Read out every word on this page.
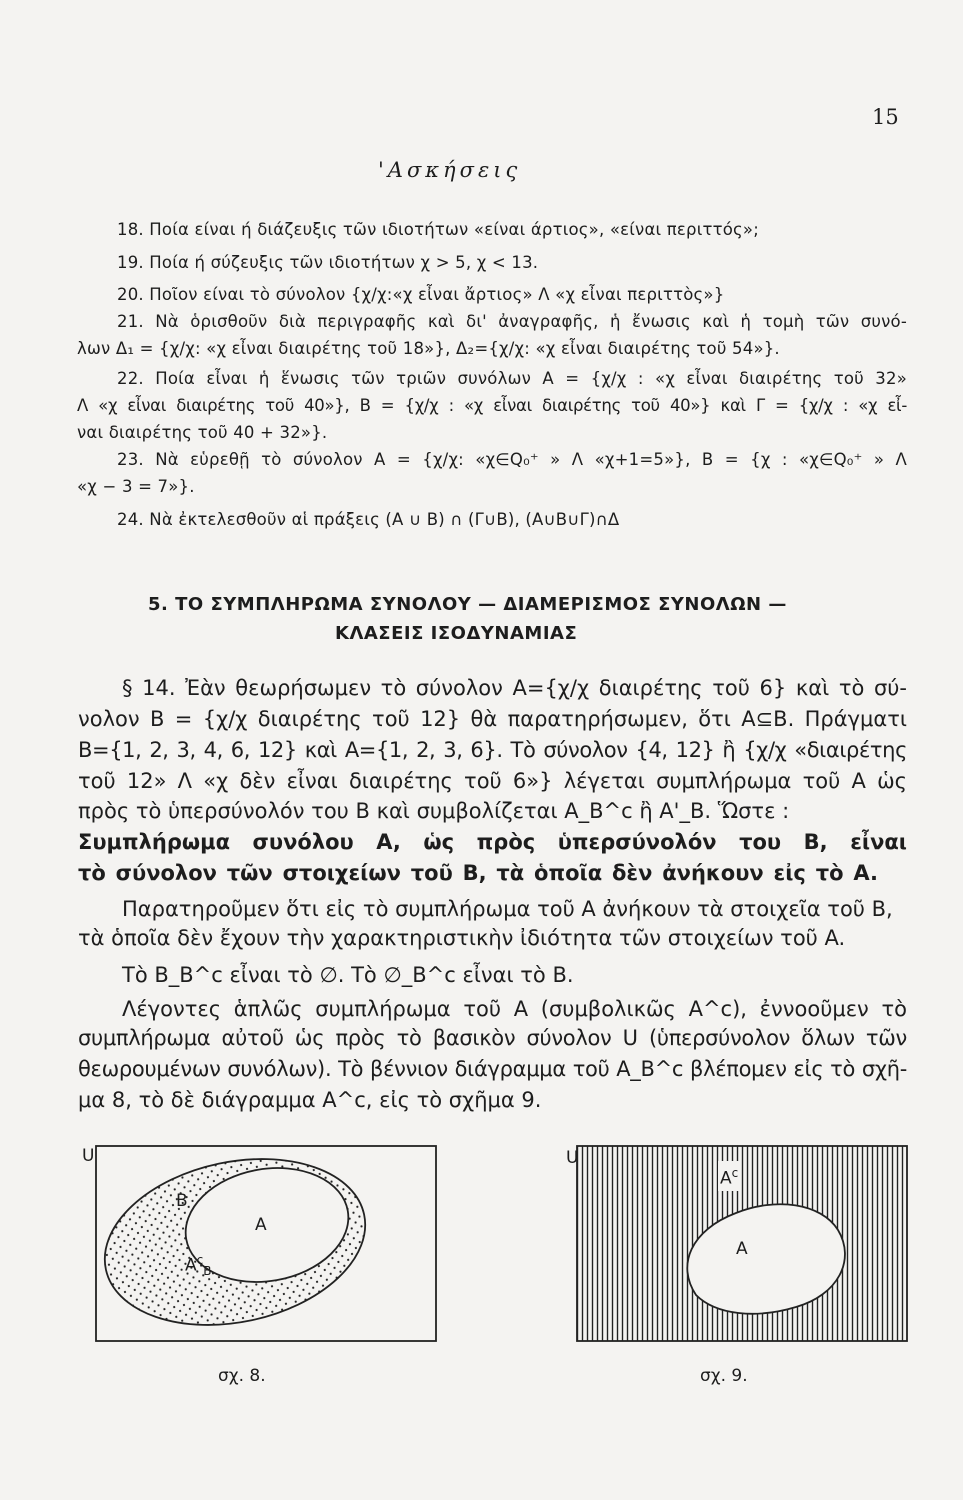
15
'Ασκήσεις
18. Ποία είναι ή διάζευξις τῶν ιδιοτήτων «είναι άρτιος», «είναι περιττός»;
19. Ποία ή σύζευξις τῶν ιδιοτήτων χ > 5, χ < 13.
20. Ποῖον είναι τὸ σύνολον {χ/χ:«χ εἶναι ἄρτιος» Λ «χ εἶναι περιττὸς»}
21. Νὰ ὁρισθοῦν διὰ περιγραφῆς καὶ δι' ἀναγραφῆς, ἡ ἔνωσις καὶ ἡ τομὴ τῶν συνό-
λων Δ₁ = {χ/χ: «χ εἶναι διαιρέτης τοῦ 18»}, Δ₂={χ/χ: «χ εἶναι διαιρέτης τοῦ 54»}.
22. Ποία εἶναι ἡ ἕνωσις τῶν τριῶν συνόλων A = {χ/χ : «χ εἶναι διαιρέτης τοῦ 32»
Λ «χ εἶναι διαιρέτης τοῦ 40»}, B = {χ/χ : «χ εἶναι διαιρέτης τοῦ 40»} καὶ Γ = {χ/χ : «χ εἶ-
ναι διαιρέτης τοῦ 40 + 32»}.
23. Νὰ εὑρεθῇ τὸ σύνολον A = {χ/χ: «χ∈Q₀⁺ » Λ «χ+1=5»}, B = {χ : «χ∈Q₀⁺ » Λ
«χ − 3 = 7»}.
24. Νὰ ἐκτελεσθοῦν αἱ πράξεις (A ∪ B) ∩ (Γ∪B), (A∪B∪Γ)∩Δ
5. ΤΟ ΣΥΜΠΛΗΡΩΜΑ ΣΥΝΟΛΟΥ — ΔΙΑΜΕΡΙΣΜΟΣ ΣΥΝΟΛΩΝ —
ΚΛΑΣΕΙΣ ΙΣΟΔΥΝΑΜΙΑΣ
§ 14. Ἐὰν θεωρήσωμεν τὸ σύνολον A={χ/χ διαιρέτης τοῦ 6} καὶ τὸ σύ-
νολον B = {χ/χ διαιρέτης τοῦ 12} θὰ παρατηρήσωμεν, ὅτι A⊆B. Πράγματι
B={1, 2, 3, 4, 6, 12} καὶ A={1, 2, 3, 6}. Τὸ σύνολον {4, 12} ἢ {χ/χ «διαιρέτης
τοῦ 12» Λ «χ δὲν εἶναι διαιρέτης τοῦ 6»} λέγεται συμπλήρωμα τοῦ A ὡς
πρὸς τὸ ὑπερσύνολόν του B καὶ συμβολίζεται A_B^c ἢ A'_B. Ὥστε :
Συμπλήρωμα συνόλου A, ὡς πρὸς ὑπερσύνολόν του B, εἶναι
τὸ σύνολον τῶν στοιχείων τοῦ B, τὰ ὁποῖα δὲν ἀνήκουν εἰς τὸ A.
Παρατηροῦμεν ὅτι εἰς τὸ συμπλήρωμα τοῦ A ἀνήκουν τὰ στοιχεῖα τοῦ B,
τὰ ὁποῖα δὲν ἔχουν τὴν χαρακτηριστικὴν ἰδιότητα τῶν στοιχείων τοῦ A.
Τὸ B_B^c εἶναι τὸ ∅. Τὸ ∅_B^c εἶναι τὸ B.
Λέγοντες ἁπλῶς συμπλήρωμα τοῦ A (συμβολικῶς A^c), ἐννοοῦμεν τὸ
συμπλήρωμα αὐτοῦ ὡς πρὸς τὸ βασικὸν σύνολον U (ὑπερσύνολον ὅλων τῶν
θεωρουμένων συνόλων). Τὸ βέννιον διάγραμμα τοῦ A_B^c βλέπομεν εἰς τὸ σχῆ-
μα 8, τὸ δὲ διάγραμμα A^c, εἰς τὸ σχῆμα 9.
U
B
A
$A^c_B$
σχ. 8.
U
$A^c$
A
σχ. 9.
